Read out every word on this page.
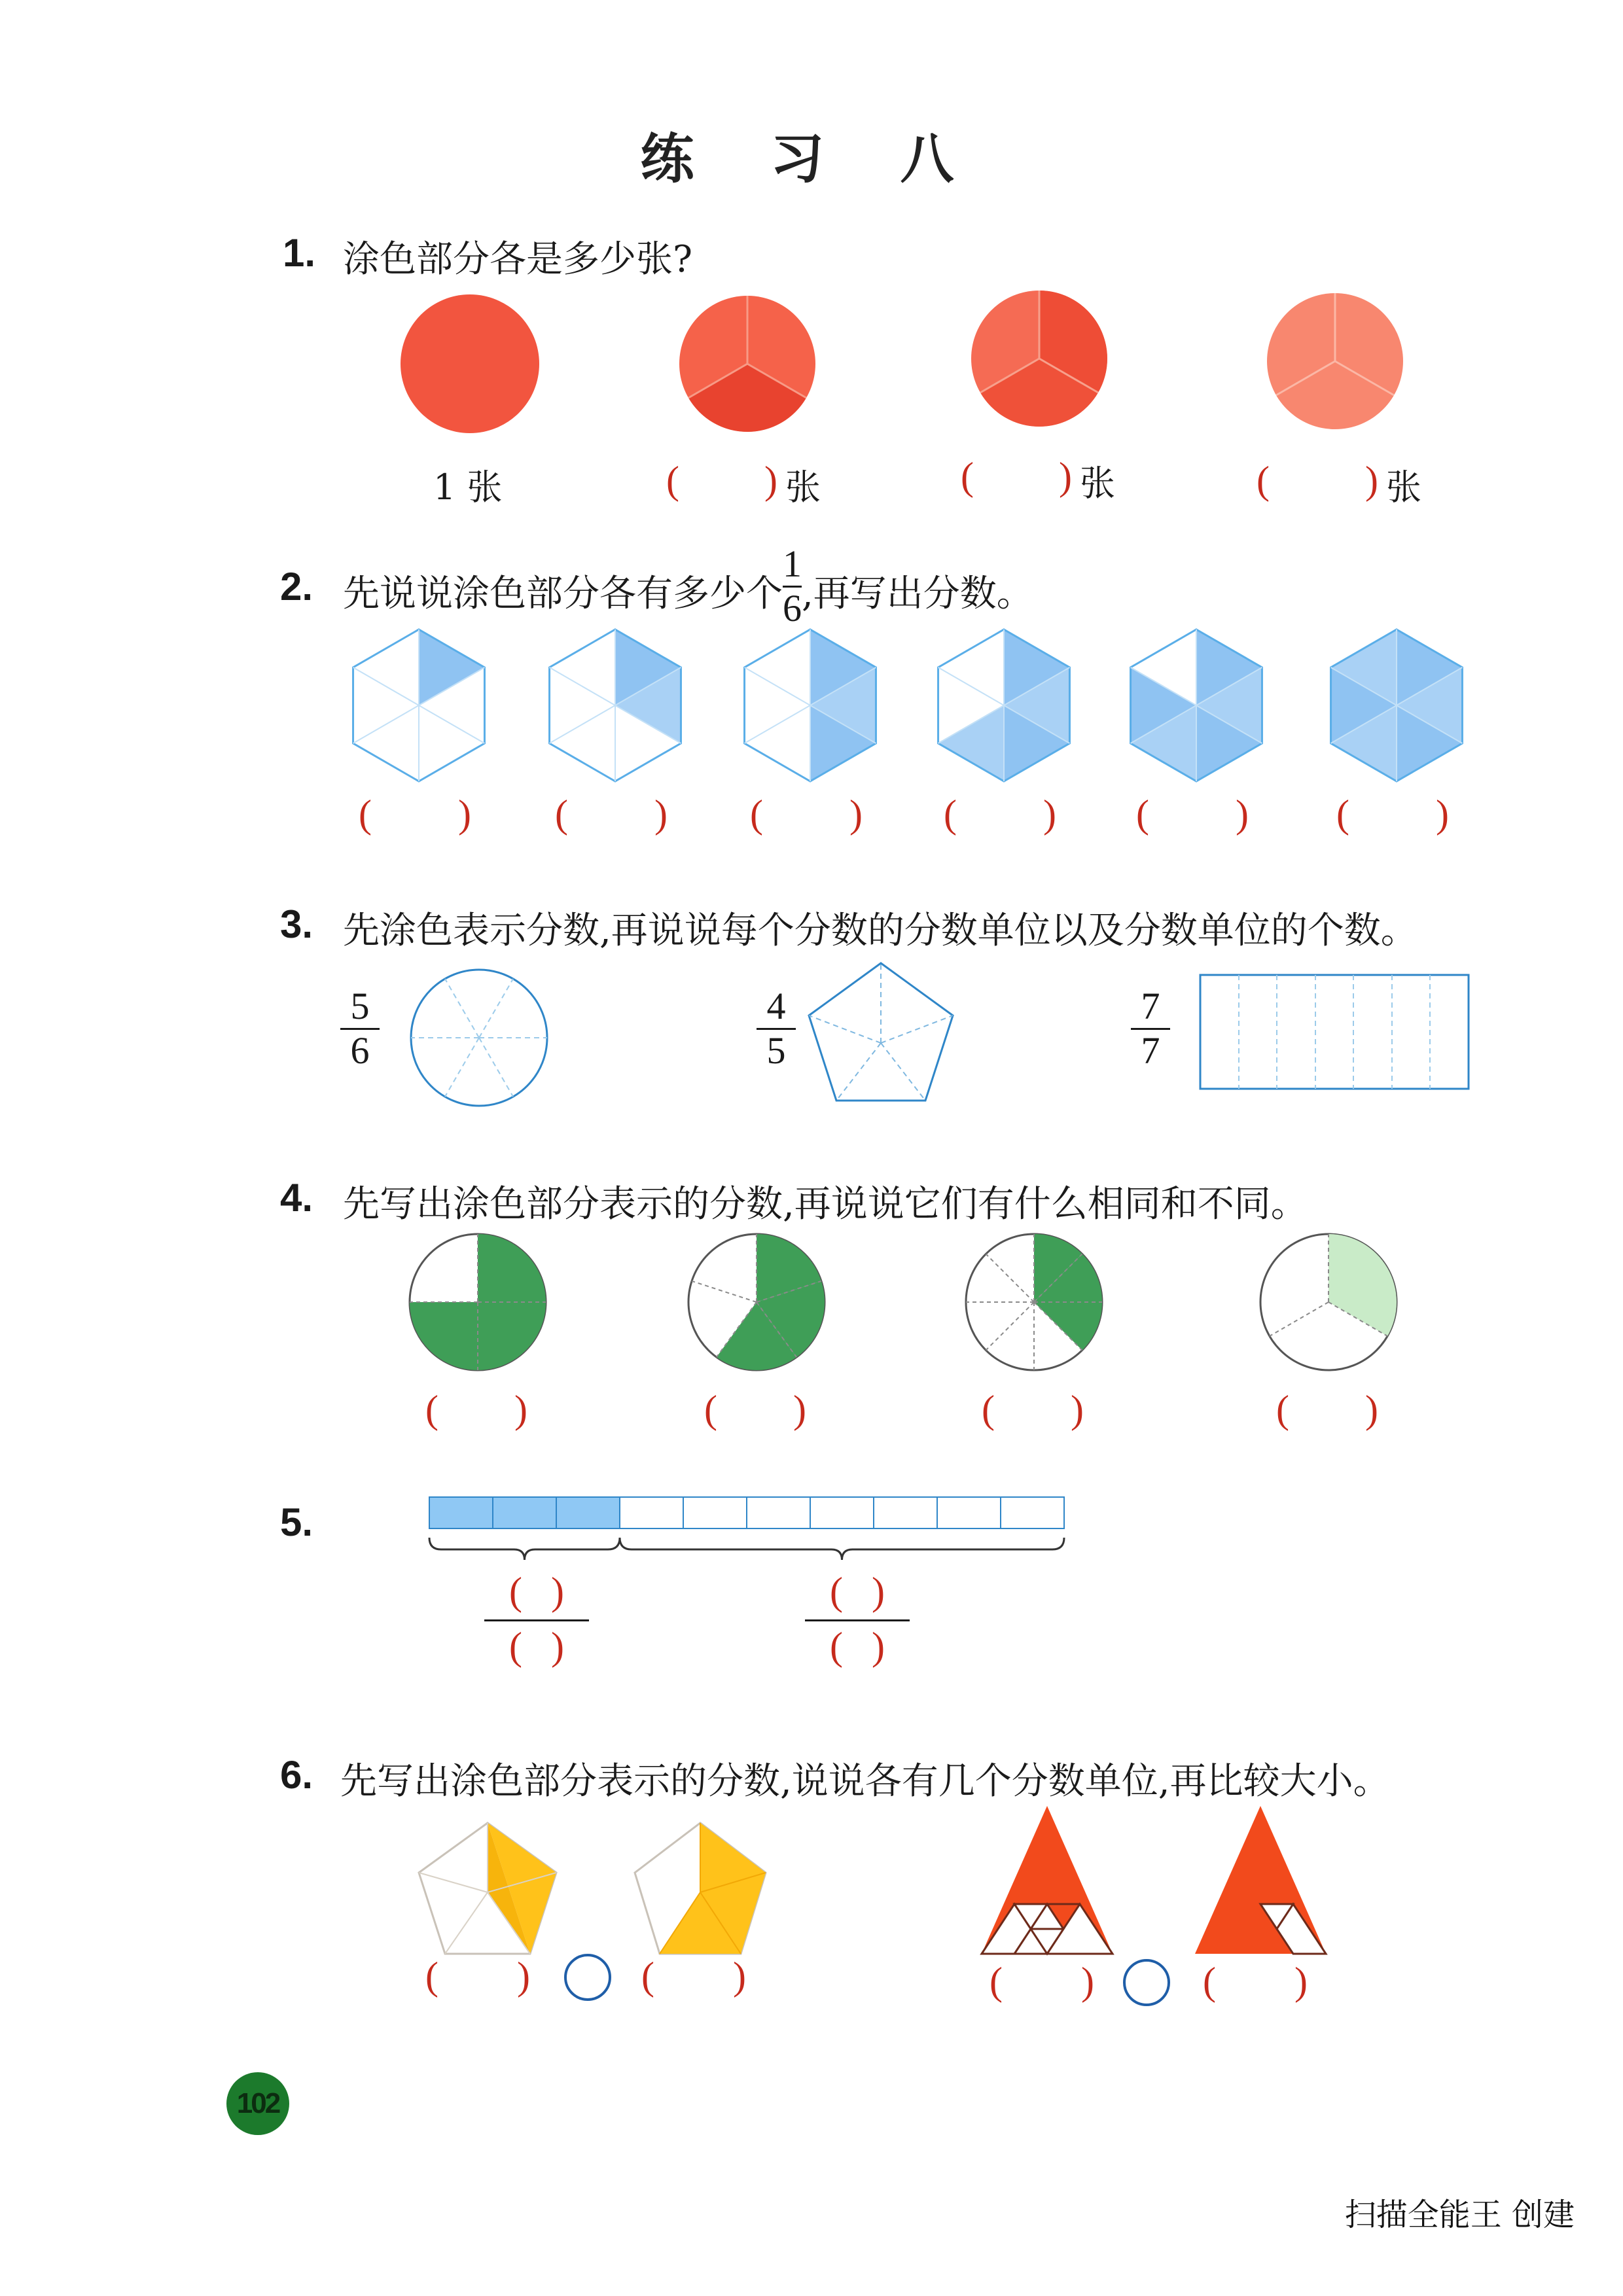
练 习 八
1. 涂色部分各是多少张?
1 张	( ) 张	( ) 张	( ) 张
2. 先说说涂色部分各有多少个 $\frac{1}{6}$ ,再写出分数。
( ) ( ) ( ) ( ) ( ) ( )
3. 先涂色表示分数,再说说每个分数的分数单位以及分数单位的个数。
5
6
4
5
7
7
4. 先写出涂色部分表示的分数,再说说它们有什么相同和不同。
( )	( )	( )	( )
5.
( )
( )
( )
( )
6. 先写出涂色部分表示的分数,说说各有几个分数单位,再比较大小。
( )	( )	( )	( )
102
扫描全能王 创建
